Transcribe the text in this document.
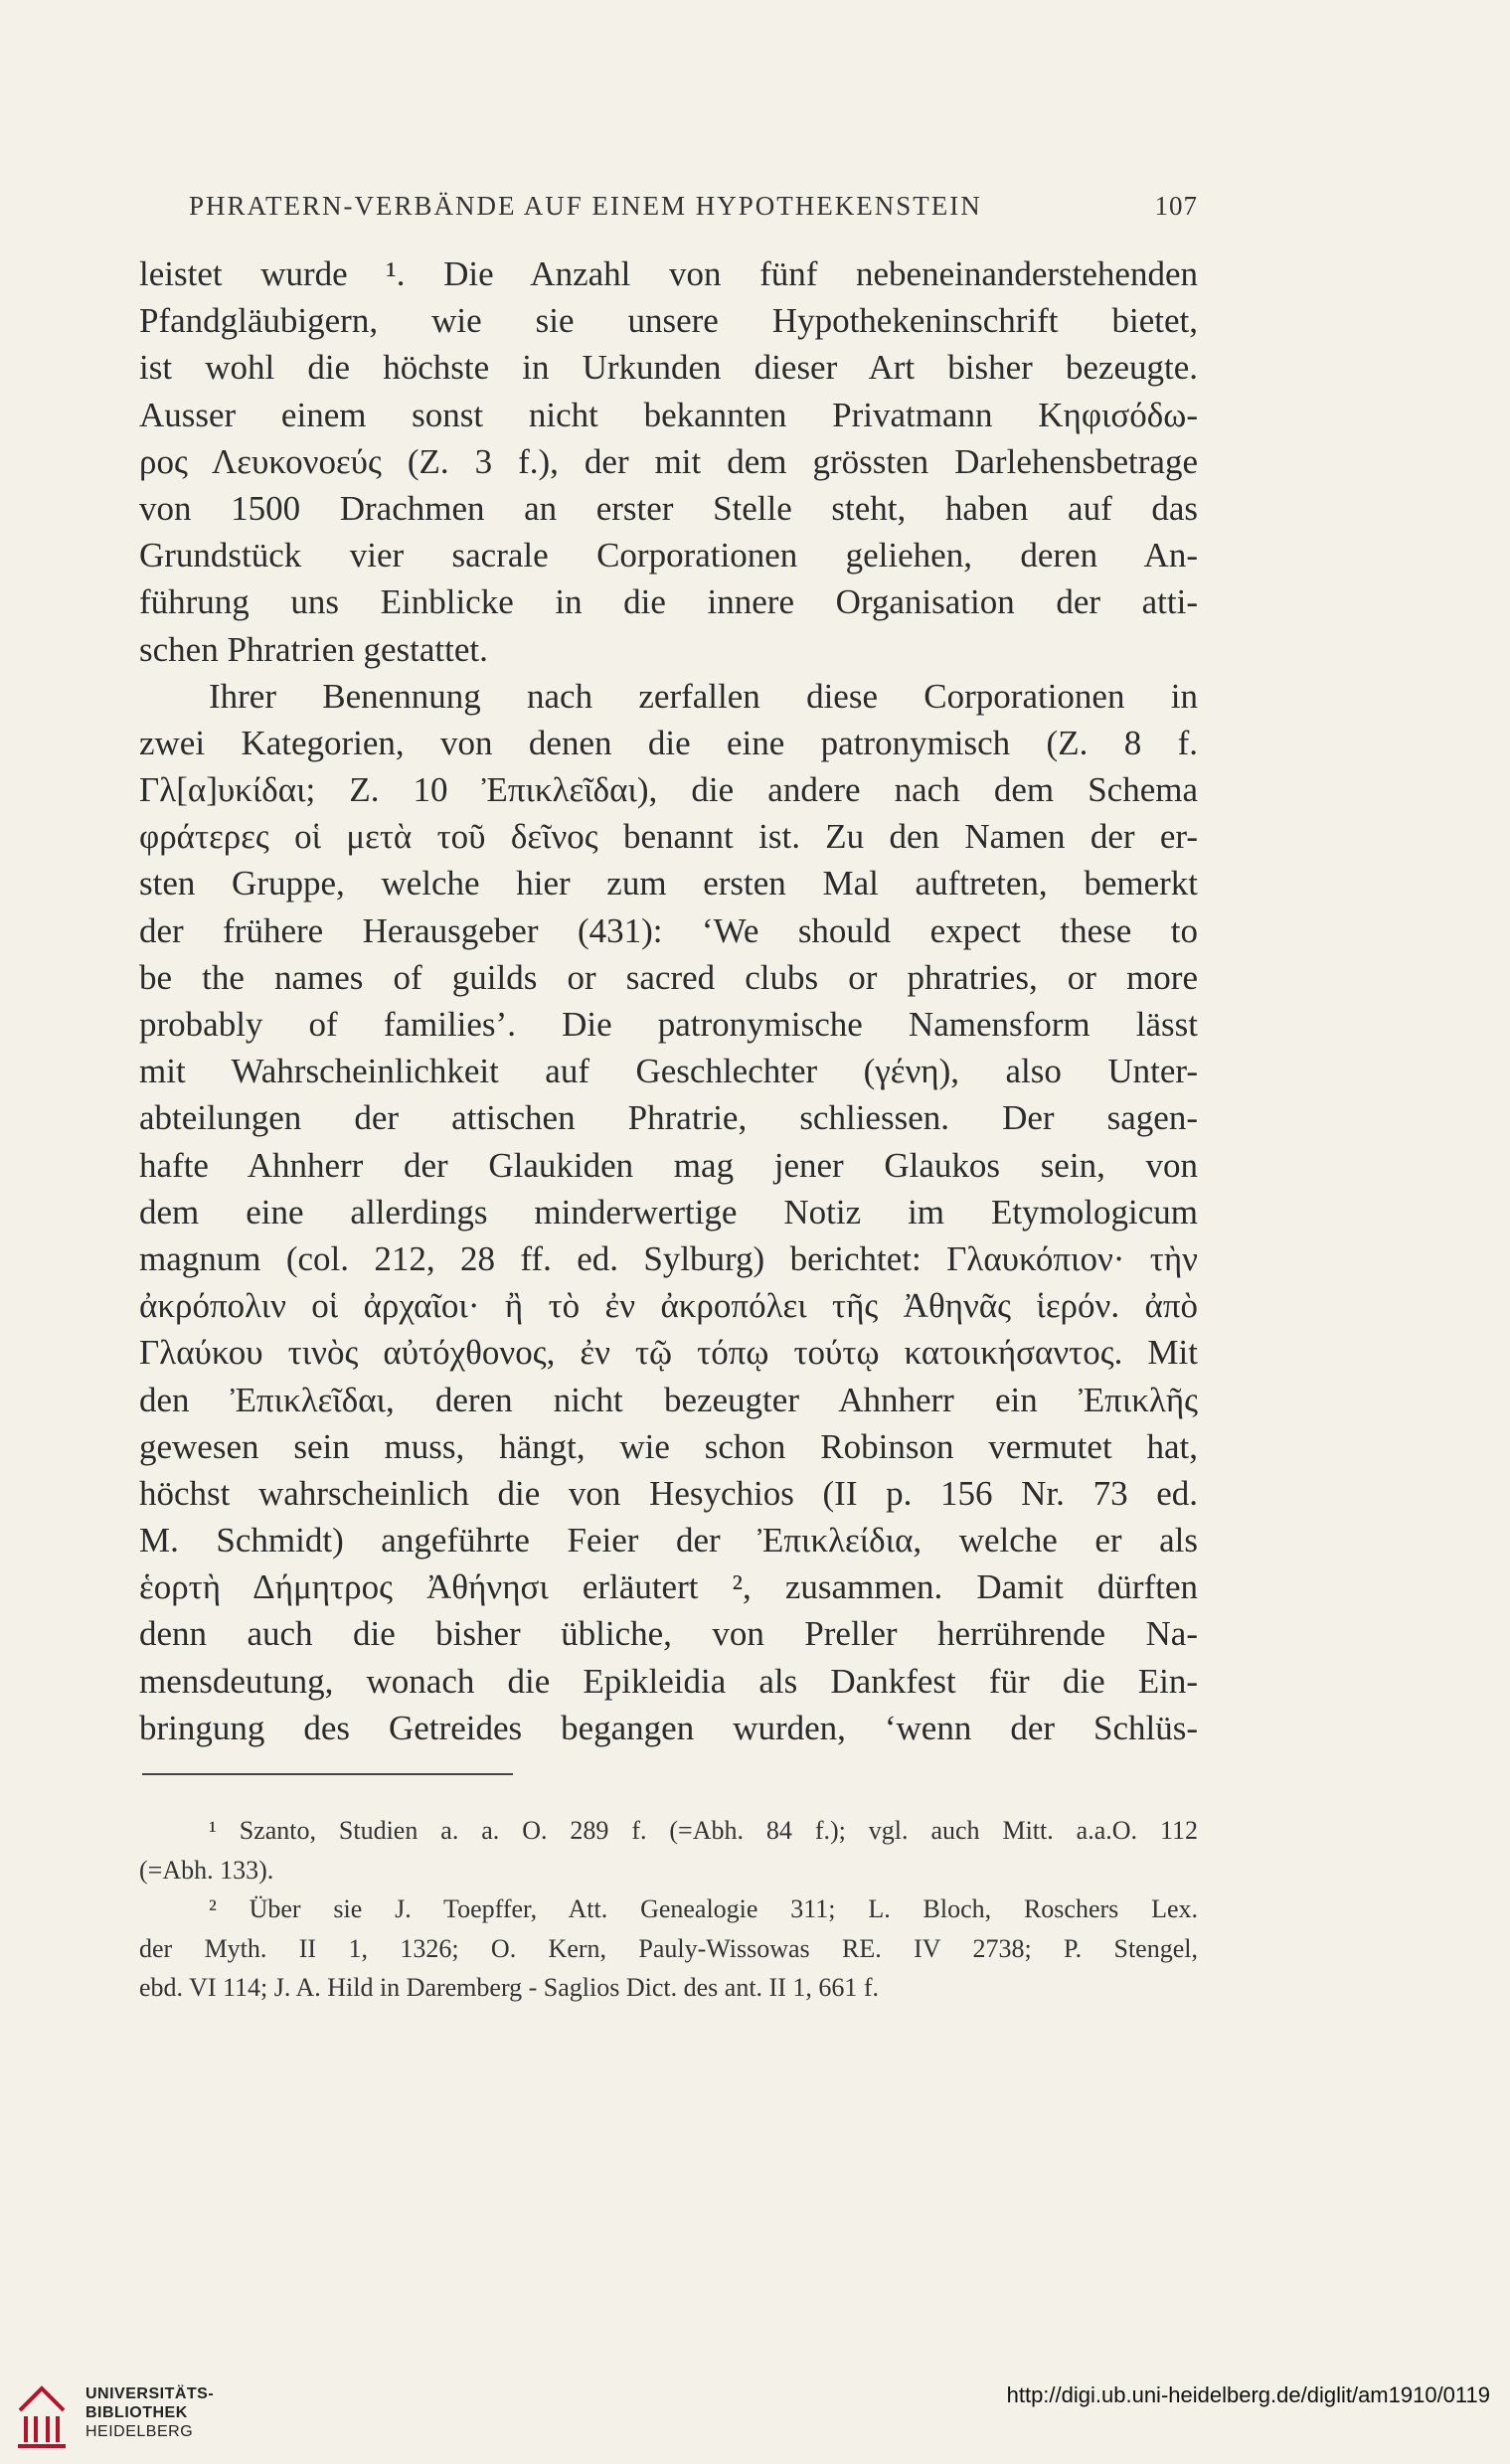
PHRATERN-VERBÄNDE AUF EINEM HYPOTHEKENSTEIN	107
leistet wurde ¹. Die Anzahl von fünf nebeneinanderstehenden
Pfandgläubigern, wie sie unsere Hypothekeninschrift bietet,
ist wohl die höchste in Urkunden dieser Art bisher bezeugte.
Ausser einem sonst nicht bekannten Privatmann Κηφισόδω-
ρος Λευκονοεύς (Z. 3 f.), der mit dem grössten Darlehensbetrage
von 1500 Drachmen an erster Stelle steht, haben auf das
Grundstück vier sacrale Corporationen geliehen, deren An-
führung uns Einblicke in die innere Organisation der atti-
schen Phratrien gestattet.
Ihrer Benennung nach zerfallen diese Corporationen in
zwei Kategorien, von denen die eine patronymisch (Z. 8 f.
Γλ[α]υκίδαι; Z. 10 Ἐπικλεῖδαι), die andere nach dem Schema
φράτερες οἱ μετὰ τοῦ δεῖνος benannt ist. Zu den Namen der er-
sten Gruppe, welche hier zum ersten Mal auftreten, bemerkt
der frühere Herausgeber (431): ‘We should expect these to
be the names of guilds or sacred clubs or phratries, or more
probably of families’. Die patronymische Namensform lässt
mit Wahrscheinlichkeit auf Geschlechter (γένη), also Unter-
abteilungen der attischen Phratrie, schliessen. Der sagen-
hafte Ahnherr der Glaukiden mag jener Glaukos sein, von
dem eine allerdings minderwertige Notiz im Etymologicum
magnum (col. 212, 28 ff. ed. Sylburg) berichtet: Γλαυκόπιον· τὴν
ἀκρόπολιν οἱ ἀρχαῖοι· ἢ τὸ ἐν ἀκροπόλει τῆς Ἀθηνᾶς ἱερόν. ἀπὸ
Γλαύκου τινὸς αὐτόχθονος, ἐν τῷ τόπῳ τούτῳ κατοικήσαντος. Mit
den Ἐπικλεῖδαι, deren nicht bezeugter Ahnherr ein Ἐπικλῆς
gewesen sein muss, hängt, wie schon Robinson vermutet hat,
höchst wahrscheinlich die von Hesychios (II p. 156 Nr. 73 ed.
M. Schmidt) angeführte Feier der Ἐπικλείδια, welche er als
ἑορτὴ Δήμητρος Ἀθήνησι erläutert ², zusammen. Damit dürften
denn auch die bisher übliche, von Preller herrührende Na-
mensdeutung, wonach die Epikleidia als Dankfest für die Ein-
bringung des Getreides begangen wurden, ‘wenn der Schlüs-
¹ Szanto, Studien a. a. O. 289 f. (=Abh. 84 f.); vgl. auch Mitt. a.a.O. 112
(=Abh. 133).
² Über sie J. Toepffer, Att. Genealogie 311; L. Bloch, Roschers Lex.
der Myth. II 1, 1326; O. Kern, Pauly-Wissowas RE. IV 2738; P. Stengel,
ebd. VI 114; J. A. Hild in Daremberg - Saglios Dict. des ant. II 1, 661 f.
UNIVERSITÄTS-
BIBLIOTHEK
HEIDELBERG
http://digi.ub.uni-heidelberg.de/diglit/am1910/0119
